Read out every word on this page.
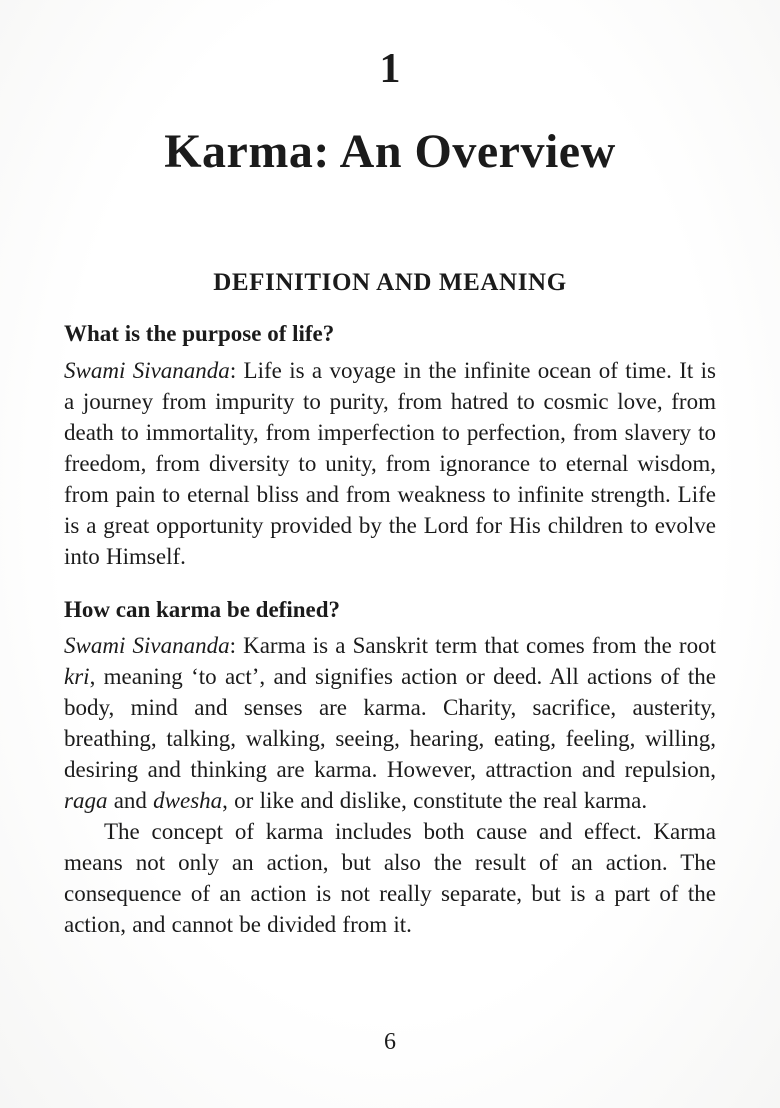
1
Karma: An Overview
DEFINITION AND MEANING
What is the purpose of life?

Swami Sivananda: Life is a voyage in the infinite ocean of time. It is a journey from impurity to purity, from hatred to cosmic love, from death to immortality, from imperfection to perfection, from slavery to freedom, from diversity to unity, from ignorance to eternal wisdom, from pain to eternal bliss and from weakness to infinite strength. Life is a great opportunity provided by the Lord for His children to evolve into Himself.

How can karma be defined?

Swami Sivananda: Karma is a Sanskrit term that comes from the root kri, meaning ‘to act’, and signifies action or deed. All actions of the body, mind and senses are karma. Charity, sacrifice, austerity, breathing, talking, walking, seeing, hearing, eating, feeling, willing, desiring and thinking are karma. However, attraction and repulsion, raga and dwesha, or like and dislike, constitute the real karma.

The concept of karma includes both cause and effect. Karma means not only an action, but also the result of an action. The consequence of an action is not really separate, but is a part of the action, and cannot be divided from it.

6
